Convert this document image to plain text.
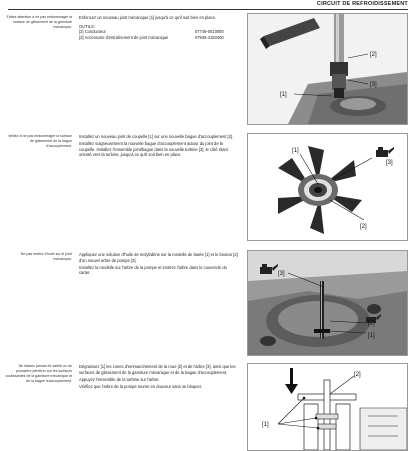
CIRCUIT DE REFROIDISSEMENT
Faites attention à ne pas endommager la surface de glissement de la garniture mécanique.

Enfoncez un nouveau joint mécanique [1] jusqu'à ce qu'il soit bien en place.

OUTILS:
[2] Conducteur	07749-0010000
[3] Accessoire d'entraînement de joint mécanique	07945-4150400
[2]
[3]
[1]
Veillez à ne pas endommager la surface de glissement de la bague d'accouplement.

Installez un nouveau joint de coupelle [1] sur une nouvelle bague d'accouplement [2].

Installez soigneusement la nouvelle bague d'accouplement autour du joint de la coupelle. Installez l'ensemble joint/bague dans la nouvelle turbine [3], le côté étant orienté vers la turbine, jusqu'à ce qu'il soit bien en place.

[1]
[3]
[2]
Ne pas mettre d'huile sur le joint mécanique.

Appliquez une solution d'huile de molybdène sur la rondelle de butée [1] et le bouton [2] d'un nouvel arbre de pompe [3].

Installez la rondelle sur l'arbre de la pompe et insérez l'arbre dans le couvercle du carter.	[3]
[2]
[1]
Ne laissez jamais de saleté ou de poussière pénétrer sur les surfaces coulissantes de la garniture mécanique et de la bague d'accouplement.

Dégraissez [1] les zones d'emmanchement de la roue [2] et de l'arbre [3], ainsi que les surfaces de glissement de la garniture mécanique et de la bague d'accouplement.

Appuyez l'ensemble de la turbine sur l'arbre.

Vérifiez que l'arbre de la pompe tourne en douceur sans se bloquer.

[2]
[1]
